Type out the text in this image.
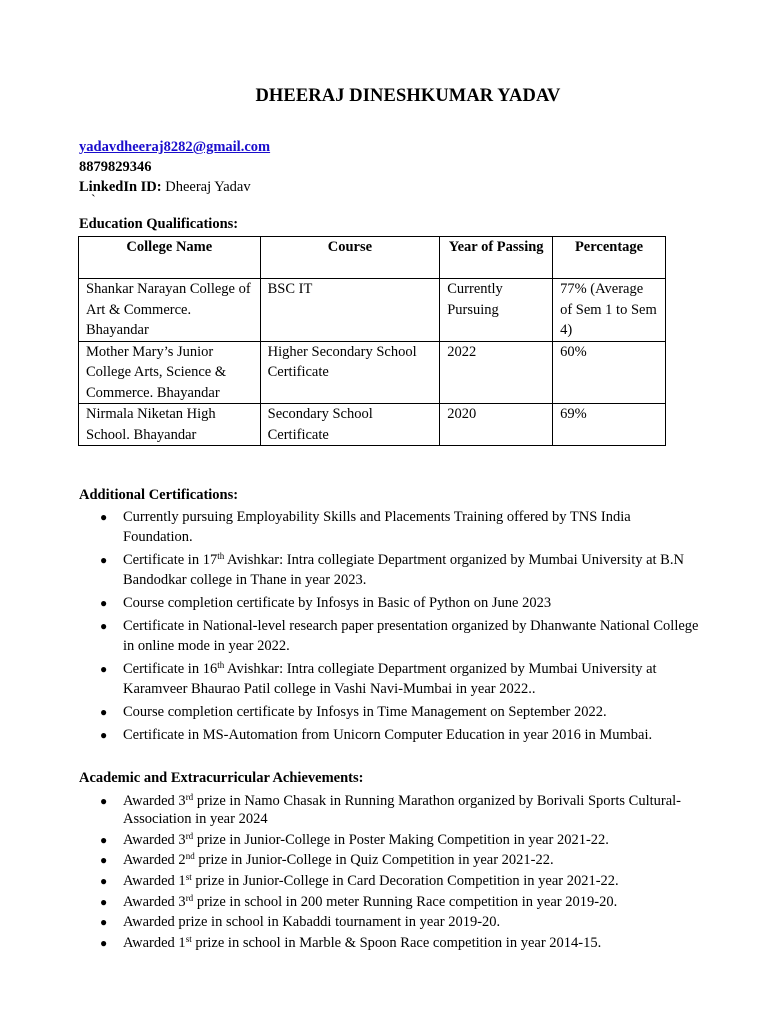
DHEERAJ DINESHKUMAR YADAV
yadavdheeraj8282@gmail.com
8879829346
LinkedIn ID: Dheeraj Yadav
`
Education Qualifications:
College Name	Course	Year of Passing	Percentage
Shankar Narayan College of Art & Commerce. Bhayandar	BSC IT	Currently Pursuing	77% (Average of Sem 1 to Sem 4)
Mother Mary’s Junior College Arts, Science & Commerce. Bhayandar	Higher Secondary School Certificate	2022	60%
Nirmala Niketan High School. Bhayandar	Secondary School Certificate	2020	69%
Additional Certifications:
● Currently pursuing Employability Skills and Placements Training offered by TNS India Foundation.
● Certificate in 17th Avishkar: Intra collegiate Department organized by Mumbai University at B.N Bandodkar college in Thane in year 2023.
● Course completion certificate by Infosys in Basic of Python on June 2023
● Certificate in National-level research paper presentation organized by Dhanwante National College in online mode in year 2022.
● Certificate in 16th Avishkar: Intra collegiate Department organized by Mumbai University at Karamveer Bhaurao Patil college in Vashi Navi-Mumbai in year 2022..
● Course completion certificate by Infosys in Time Management on September 2022.
● Certificate in MS-Automation from Unicorn Computer Education in year 2016 in Mumbai.
Academic and Extracurricular Achievements:
● Awarded 3rd prize in Namo Chasak in Running Marathon organized by Borivali Sports Cultural-Association in year 2024
● Awarded 3rd prize in Junior-College in Poster Making Competition in year 2021-22.
● Awarded 2nd prize in Junior-College in Quiz Competition in year 2021-22.
● Awarded 1st prize in Junior-College in Card Decoration Competition in year 2021-22.
● Awarded 3rd prize in school in 200 meter Running Race competition in year 2019-20.
● Awarded prize in school in Kabaddi tournament in year 2019-20.
● Awarded 1st prize in school in Marble & Spoon Race competition in year 2014-15.
